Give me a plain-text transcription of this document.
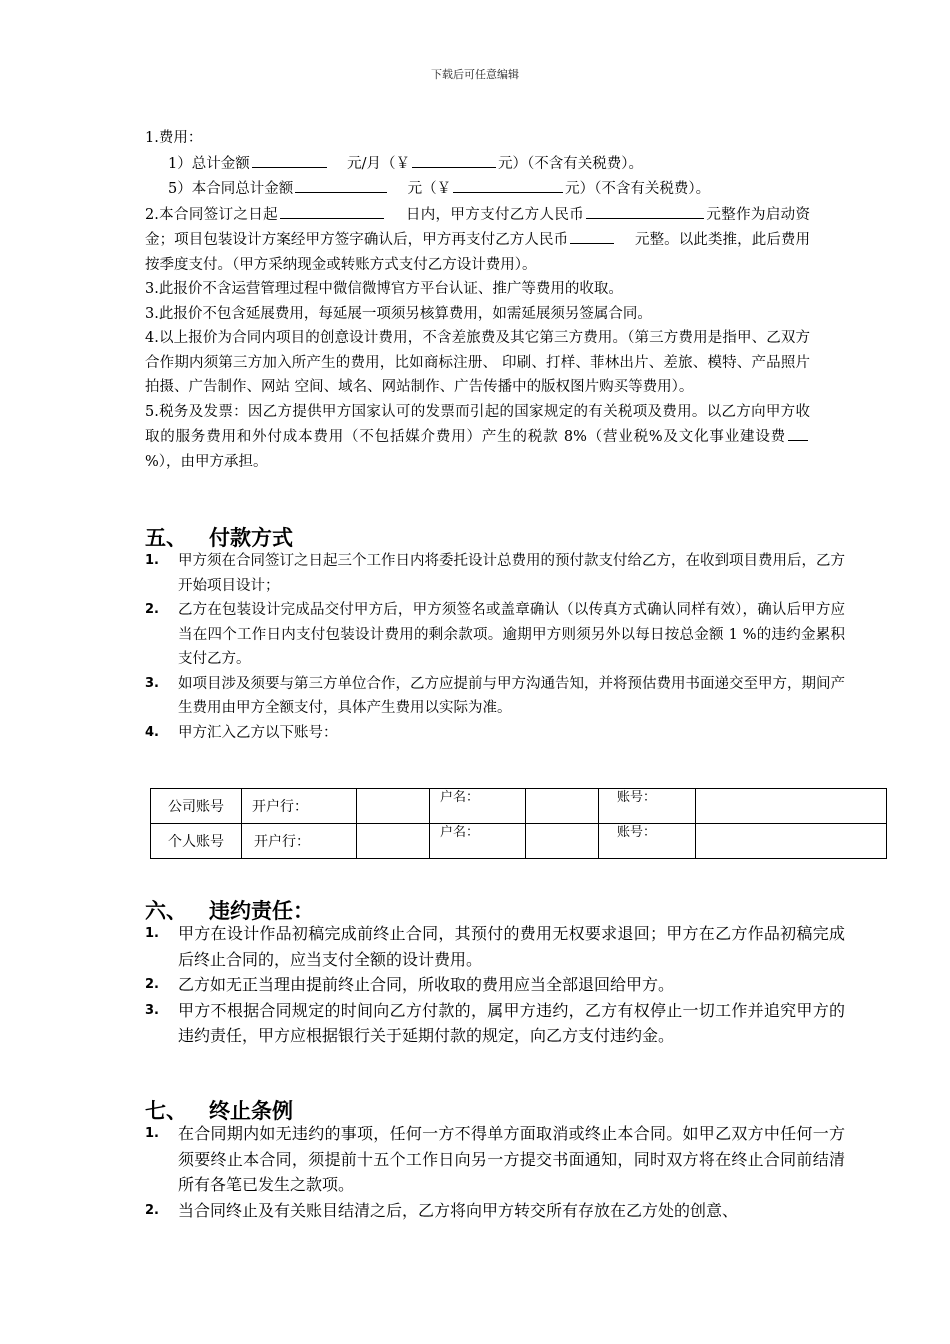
下载后可任意编辑

1.费用：

1）总计金额	元/月（￥	元）（不含有关税费）。

5）本合同总计金额	元（￥	元）（不含有关税费）。

2.本合同签订之日起	日内，甲方支付乙方人民币	元整作为启动资金；项目包装设计方案经甲方签字确认后，甲方再支付乙方人民币	元整。以此类推，此后费用按季度支付。（甲方采纳现金或转账方式支付乙方设计费用）。

3.此报价不含运营管理过程中微信微博官方平台认证、推广等费用的收取。

3.此报价不包含延展费用，每延展一项须另核算费用，如需延展须另签属合同。

4.以上报价为合同内项目的创意设计费用，不含差旅费及其它第三方费用。（第三方费用是指甲、乙双方合作期内须第三方加入所产生的费用，比如商标注册、 印刷、打样、菲林出片、差旅、模特、产品照片拍摄、广告制作、网站 空间、域名、网站制作、广告传播中的版权图片购买等费用）。

5.税务及发票：因乙方提供甲方国家认可的发票而引起的国家规定的有关税项及费用。以乙方向甲方收取的服务费用和外付成本费用（不包括媒介费用）产生的税款 8%（营业税%及文化事业建设费%），由甲方承担。

五、 付款方式
1. 甲方须在合同签订之日起三个工作日内将委托设计总费用的预付款支付给乙方，在收到项目费用后，乙方开始项目设计；
2. 乙方在包装设计完成品交付甲方后，甲方须签名或盖章确认（以传真方式确认同样有效），确认后甲方应当在四个工作日内支付包装设计费用的剩余款项。逾期甲方则须另外以每日按总金额 1 %的违约金累积支付乙方。
3. 如项目涉及须要与第三方单位合作，乙方应提前与甲方沟通告知，并将预估费用书面递交至甲方，期间产生费用由甲方全额支付，具体产生费用以实际为准。
4. 甲方汇入乙方以下账号：
公司账号	开户行：		户名：		账号：	
个人账号	开户行：		户名：		账号：	
六、 违约责任：
1. 甲方在设计作品初稿完成前终止合同，其预付的费用无权要求退回；甲方在乙方作品初稿完成后终止合同的，应当支付全额的设计费用。
2. 乙方如无正当理由提前终止合同，所收取的费用应当全部退回给甲方。
3. 甲方不根据合同规定的时间向乙方付款的，属甲方违约，乙方有权停止一切工作并追究甲方的违约责任，甲方应根据银行关于延期付款的规定，向乙方支付违约金。
七、 终止条例
1. 在合同期内如无违约的事项，任何一方不得单方面取消或终止本合同。如甲乙双方中任何一方须要终止本合同，须提前十五个工作日向另一方提交书面通知，同时双方将在终止合同前结清所有各笔已发生之款项。
2. 当合同终止及有关账目结清之后，乙方将向甲方转交所有存放在乙方处的创意、
